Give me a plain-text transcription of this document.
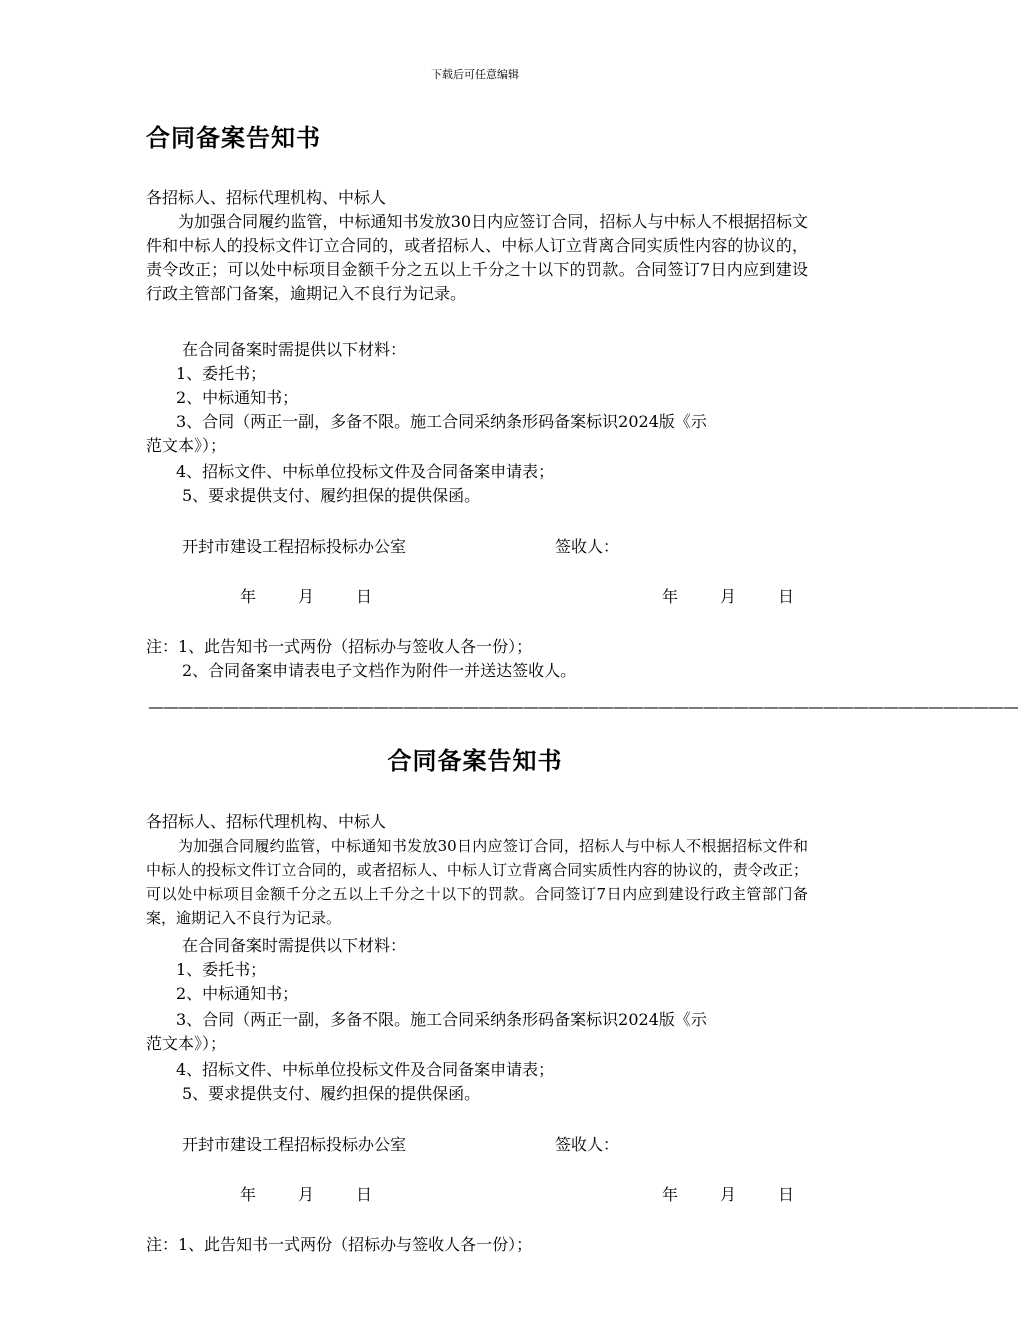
下载后可任意编辑
合同备案告知书
各招标人、招标代理机构、中标人
为加强合同履约监管，中标通知书发放30日内应签订合同，招标人与中标人不根据招标文件和中标人的投标文件订立合同的，或者招标人、中标人订立背离合同实质性内容的协议的，责令改正；可以处中标项目金额千分之五以上千分之十以下的罚款。合同签订7日内应到建设行政主管部门备案，逾期记入不良行为记录。
在合同备案时需提供以下材料：
1、委托书；
2、中标通知书；
3、合同（两正一副，多备不限。施工合同采纳条形码备案标识2024版《示
范文本》）；
4、招标文件、中标单位投标文件及合同备案申请表；
5、要求提供支付、履约担保的提供保函。
开封市建设工程招标投标办公室	签收人：
年	月	日	年	月	日
注：1、此告知书一式两份（招标办与签收人各一份）；
2、合同备案申请表电子文档作为附件一并送达签收人。
——————————————————————————————————————————————————————————
合同备案告知书
各招标人、招标代理机构、中标人
为加强合同履约监管，中标通知书发放30日内应签订合同，招标人与中标人不根据招标文件和中标人的投标文件订立合同的，或者招标人、中标人订立背离合同实质性内容的协议的，责令改正；可以处中标项目金额千分之五以上千分之十以下的罚款。合同签订7日内应到建设行政主管部门备案，逾期记入不良行为记录。
在合同备案时需提供以下材料：
1、委托书；
2、中标通知书；
3、合同（两正一副，多备不限。施工合同采纳条形码备案标识2024版《示
范文本》）；
4、招标文件、中标单位投标文件及合同备案申请表；
5、要求提供支付、履约担保的提供保函。
开封市建设工程招标投标办公室	签收人：
年	月	日	年	月	日
注：1、此告知书一式两份（招标办与签收人各一份）；
